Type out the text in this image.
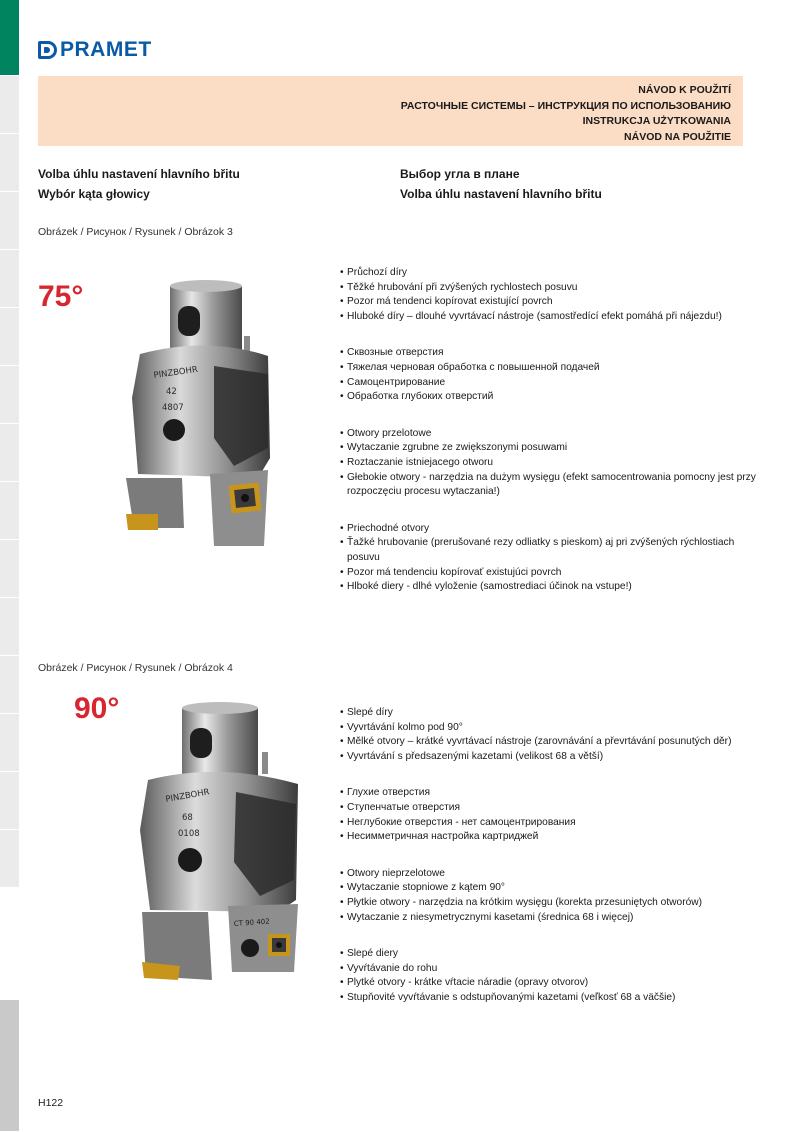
PRAMET
NÁVOD K POUŽITÍ
РАСТОЧНЫЕ СИСТЕМЫ – ИНСТРУКЦИЯ ПО ИСПОЛЬЗОВАНИЮ
INSTRUKCJA UŻYTKOWANIA
NÁVOD NA POUŽITIE
Volba úhlu nastavení hlavního břitu
Wybór kąta głowicy
Выбор угла в плане
Volba úhlu nastavení hlavního břitu
Obrázek / Рисунок / Rysunek / Obrázok 3
75°
PINZBOHR
42
4807
• Průchozí díry
• Těžké hrubování při zvýšených rychlostech posuvu
• Pozor má tendenci kopírovat existující povrch
• Hluboké díry – dlouhé vyvrtávací nástroje (samostředící efekt pomáhá při nájezdu!)
• Сквозные отверстия
• Тяжелая черновая обработка с повышенной подачей
• Самоцентрирование
• Обработка глубоких отверстий
• Otwory przelotowe
• Wytaczanie zgrubne ze zwiększonymi posuwami
• Roztaczanie istniejacego otworu
• Głebokie otwory - narzędzia na dużym wysięgu (efekt samocentrowania pomocny jest przy rozpoczęciu procesu wytaczania!)
• Priechodné otvory
• Ťažké hrubovanie (prerušované rezy odliatky s pieskom) aj pri zvýšených rýchlostiach posuvu
• Pozor má tendenciu kopírovať existujúci povrch
• Hlboké diery - dlhé vyloženie (samostrediaci účinok na vstupe!)
Obrázek / Рисунок / Rysunek / Obrázok 4
90°
PINZBOHR
68
0108
CT 90 402
• Slepé díry
• Vyvrtávání kolmo pod 90°
• Mělké otvory – krátké vyvrtávací nástroje (zarovnávání a převrtávání posunutých děr)
• Vyvrtávání s předsazenými kazetami (velikost 68 a větší)
• Глухие отверстия
• Ступенчатые отверстия
• Неглубокие отверстия - нет самоцентрирования
• Несимметричная настройка картриджей
• Otwory nieprzelotowe
• Wytaczanie stopniowe z kątem 90°
• Płytkie otwory - narzędzia na krótkim wysięgu (korekta przesuniętych otworów)
• Wytaczanie z niesymetrycznymi kasetami (średnica 68 i więcej)
• Slepé diery
• Vyvŕtávanie do rohu
• Plytké otvory - krátke vŕtacie náradie (opravy otvorov)
• Stupňovité vyvŕtávanie s odstupňovanými kazetami (veľkosť 68 a väčšie)
H122
